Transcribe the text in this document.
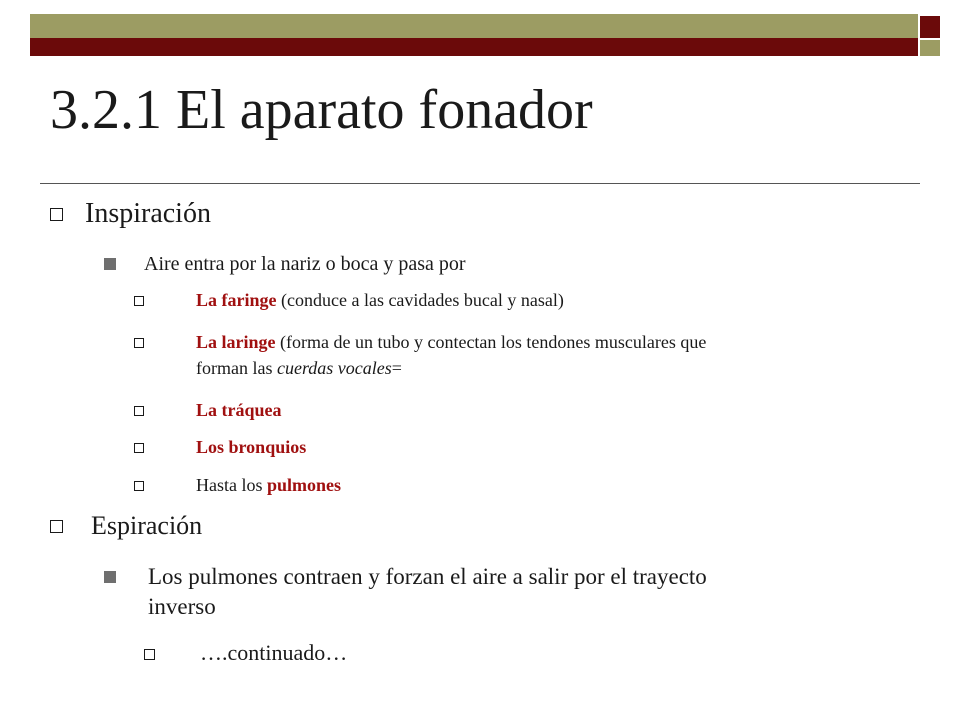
3.2.1 El aparato fonador
Inspiración
Aire entra por la nariz o boca y pasa por
La faringe (conduce a las cavidades bucal y nasal)
La laringe (forma de un tubo y contectan los tendones musculares que
forman las cuerdas vocales=
La tráquea
Los bronquios
Hasta los pulmones
Espiración
Los pulmones contraen y forzan el aire a salir por el trayecto
inverso
….continuado…
